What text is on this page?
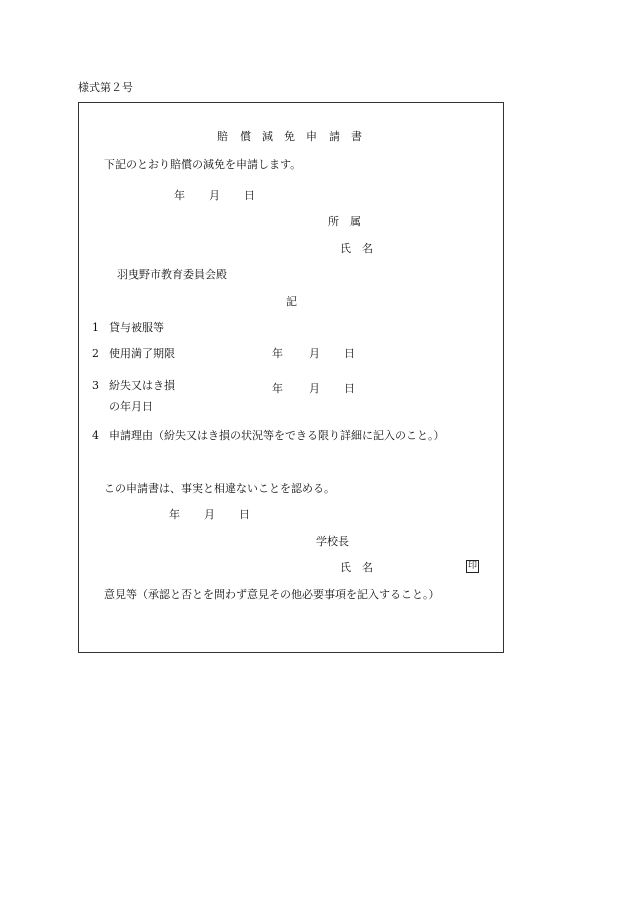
様式第２号
賠 償 減 免 申 請 書
下記のとおり賠償の減免を申請します。
年 月 日
所　属
氏　名
羽曳野市教育委員会殿
記
1 貸与被服等
2 使用満了期限	年 月 日
3 紛失又はき損
の年月日
年 月 日
4 申請理由（紛失又はき損の状況等をできる限り詳細に記入のこと。）
この申請書は、事実と相違ないことを認める。
年 月 日
学校長
氏　名	印
意見等（承認と否とを問わず意見その他必要事項を記入すること。）
